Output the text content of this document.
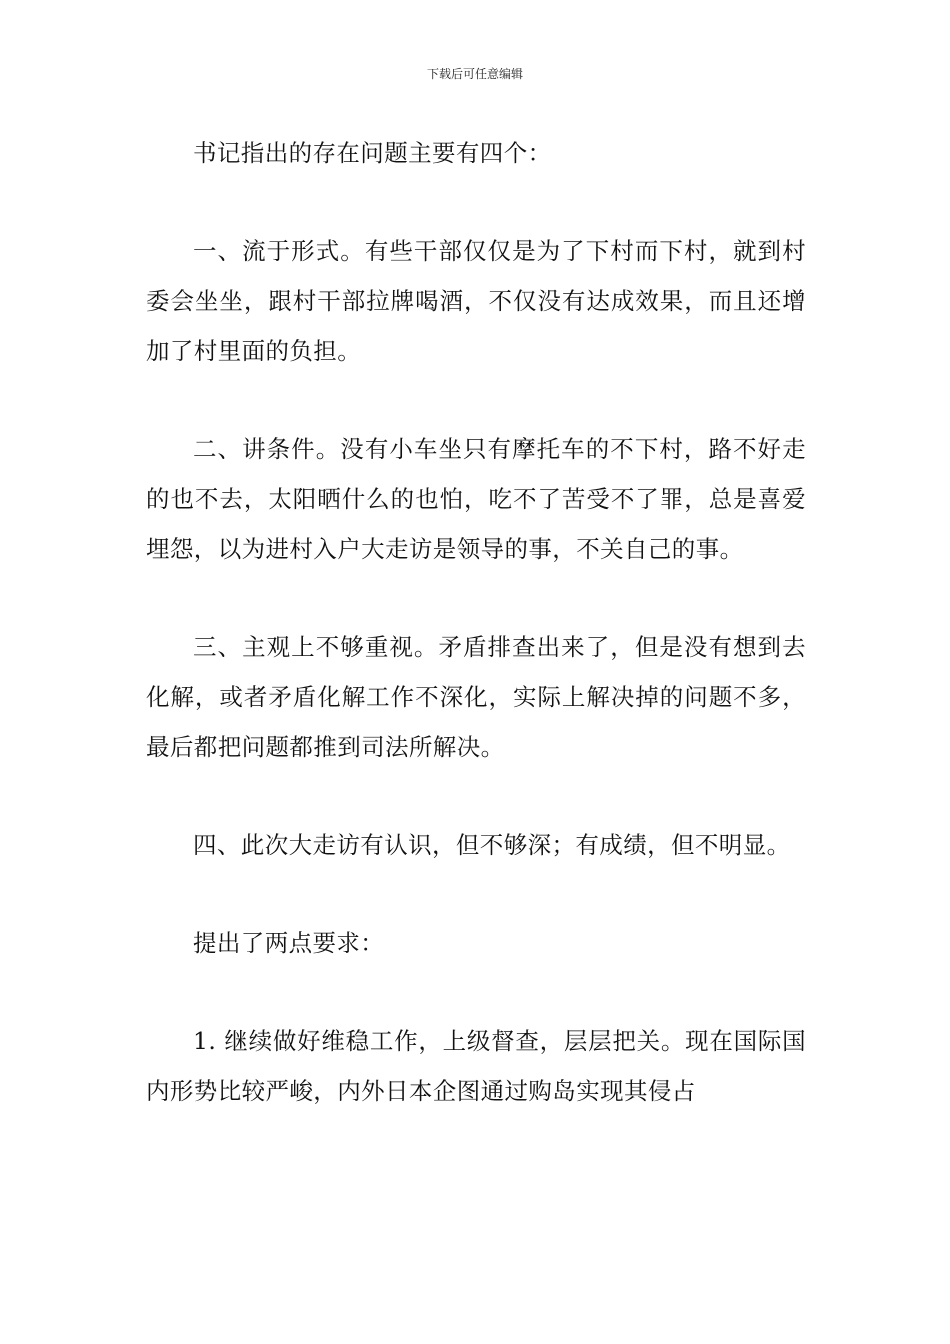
下载后可任意编辑

书记指出的存在问题主要有四个：

一、流于形式。有些干部仅仅是为了下村而下村，就到村委会坐坐，跟村干部拉牌喝酒，不仅没有达成效果，而且还增加了村里面的负担。

二、讲条件。没有小车坐只有摩托车的不下村，路不好走的也不去，太阳晒什么的也怕，吃不了苦受不了罪，总是喜爱埋怨，以为进村入户大走访是领导的事，不关自己的事。

三、主观上不够重视。矛盾排查出来了，但是没有想到去化解，或者矛盾化解工作不深化，实际上解决掉的问题不多，最后都把问题都推到司法所解决。

四、此次大走访有认识，但不够深；有成绩，但不明显。

提出了两点要求：

1. 继续做好维稳工作，上级督查，层层把关。现在国际国内形势比较严峻，内外日本企图通过购岛实现其侵占
